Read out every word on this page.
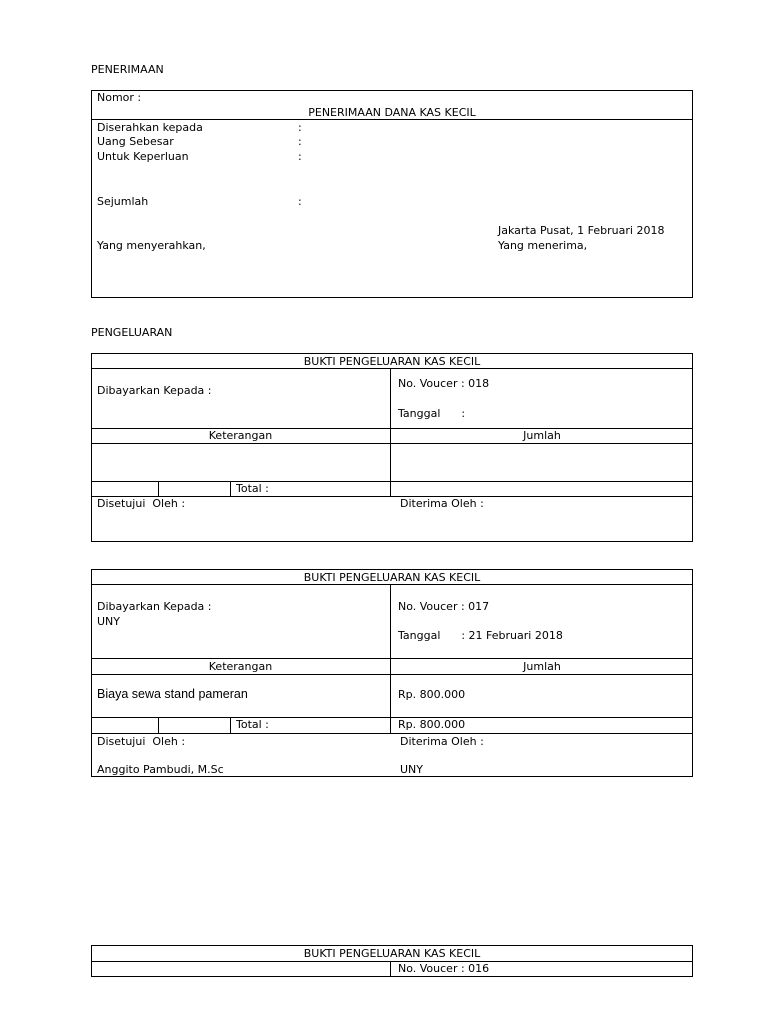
PENERIMAAN
Nomor :
PENERIMAAN DANA KAS KECIL
Diserahkan kepada	:
Uang Sebesar	:
Untuk Keperluan	:
Sejumlah	:
Jakarta Pusat, 1 Februari 2018
Yang menyerahkan,	Yang menerima,
PENGELUARAN
BUKTI PENGELUARAN KAS KECIL
Dibayarkan Kepada :
No. Voucer : 018
Tanggal      :
Keterangan	Jumlah
Total :
Disetujui  Oleh :	Diterima Oleh :
BUKTI PENGELUARAN KAS KECIL
Dibayarkan Kepada :
UNY
No. Voucer : 017
Tanggal      : 21 Februari 2018
Keterangan	Jumlah
Biaya sewa stand pameran	Rp. 800.000
Total :	Rp. 800.000
Disetujui  Oleh :	Diterima Oleh :
Anggito Pambudi, M.Sc	UNY
BUKTI PENGELUARAN KAS KECIL
No. Voucer : 016
